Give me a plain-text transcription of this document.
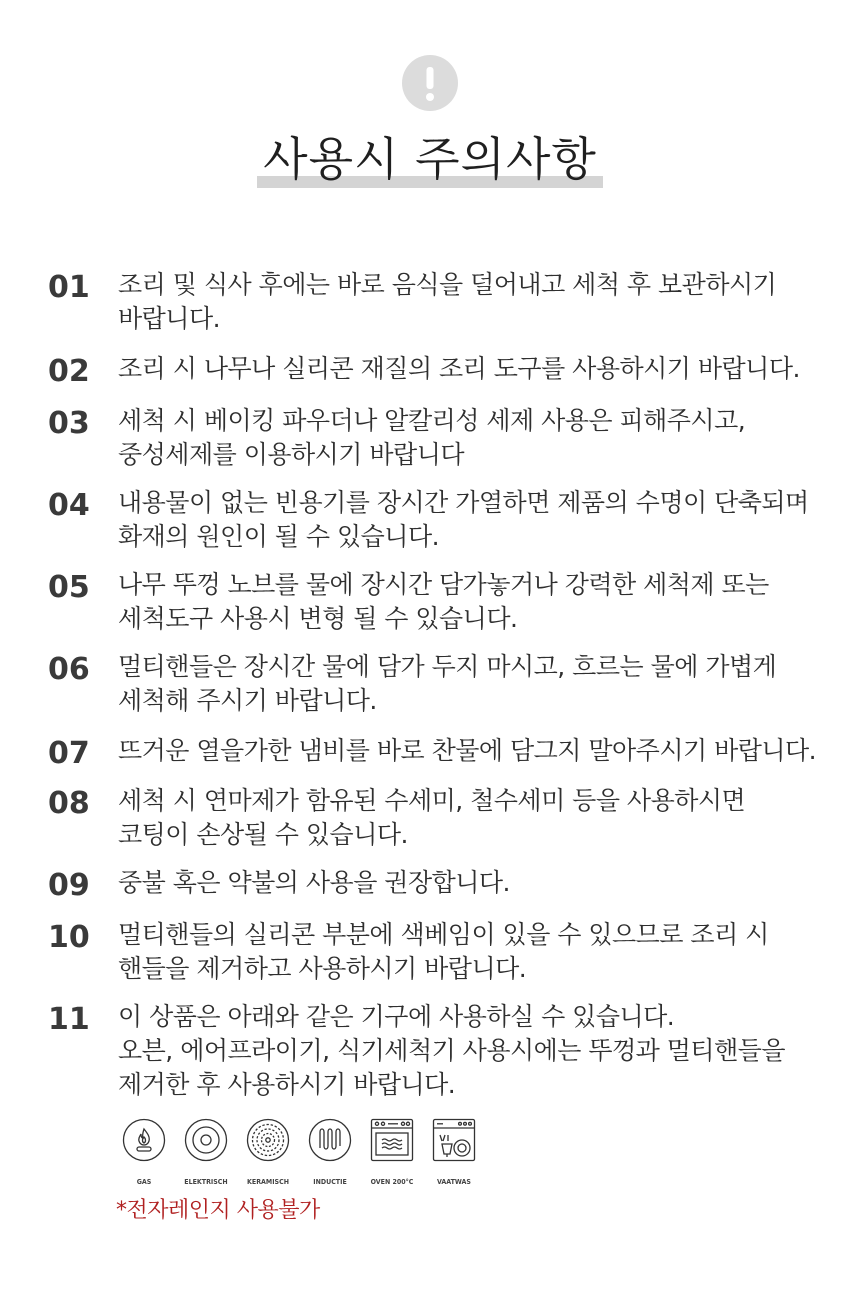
사용시 주의사항
01 조리 및 식사 후에는 바로 음식을 덜어내고 세척 후 보관하시기
바랍니다.
02 조리 시 나무나 실리콘 재질의 조리 도구를 사용하시기 바랍니다.
03 세척 시 베이킹 파우더나 알칼리성 세제 사용은 피해주시고,
중성세제를 이용하시기 바랍니다
04 내용물이 없는 빈용기를 장시간 가열하면 제품의 수명이 단축되며
화재의 원인이 될 수 있습니다.
05 나무 뚜껑 노브를 물에 장시간 담가놓거나 강력한 세척제 또는
세척도구 사용시 변형 될 수 있습니다.
06 멀티핸들은 장시간 물에 담가 두지 마시고, 흐르는 물에 가볍게
세척해 주시기 바랍니다.
07 뜨거운 열을가한 냄비를 바로 찬물에 담그지 말아주시기 바랍니다.
08 세척 시 연마제가 함유된 수세미, 철수세미 등을 사용하시면
코팅이 손상될 수 있습니다.
09 중불 혹은 약불의 사용을 권장합니다.
10 멀티핸들의 실리콘 부분에 색베임이 있을 수 있으므로 조리 시
핸들을 제거하고 사용하시기 바랍니다.
11 이 상품은 아래와 같은 기구에 사용하실 수 있습니다.
오븐, 에어프라이기, 식기세척기 사용시에는 뚜껑과 멀티핸들을
제거한 후 사용하시기 바랍니다.
GAS	ELEKTRISCH	KERAMISCH	INDUCTIE	OVEN 200°C	VAATWAS
*전자레인지 사용불가
